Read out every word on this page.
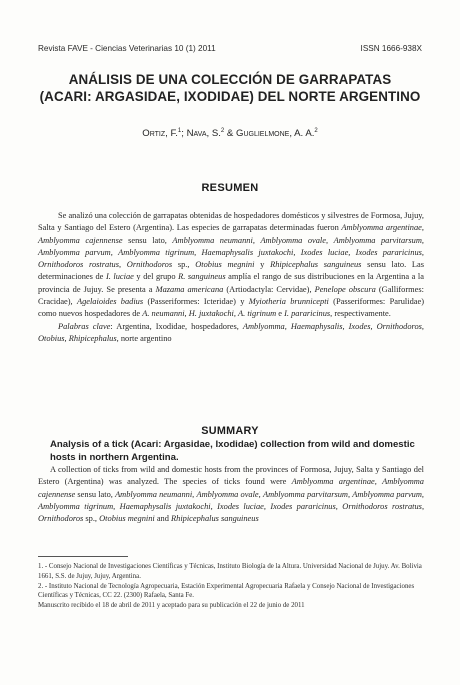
Revista FAVE - Ciencias Veterinarias 10 (1) 2011	ISSN 1666-938X
ANÁLISIS DE UNA COLECCIÓN DE GARRAPATAS
(ACARI: ARGASIDAE, IXODIDAE) DEL NORTE ARGENTINO
Ortiz, F.$^1$; Nava, S.$^2$ & Guglielmone, A. A.$^2$
RESUMEN

Se analizó una colección de garrapatas obtenidas de hospedadores domésticos y silvestres de Formosa, Jujuy, Salta y Santiago del Estero (Argentina). Las especies de garrapatas determinadas fueron Amblyomma argentinae, Amblyomma cajennense sensu lato, Amblyomma neumanni, Amblyomma ovale, Amblyomma parvitarsum, Amblyomma parvum, Amblyomma tigrinum, Haemaphysalis juxtakochi, Ixodes luciae, Ixodes pararicinus, Ornithodoros rostratus, Ornithodoros sp., Otobius megnini y Rhipicephalus sanguineus sensu lato. Las determinaciones de I. luciae y del grupo R. sanguineus amplía el rango de sus distribuciones en la Argentina a la provincia de Jujuy. Se presenta a Mazama americana (Artiodactyla: Cervidae), Penelope obscura (Galliformes: Cracidae), Agelaioides badius (Passeriformes: Icteridae) y Myiotheria brunnicepti (Passeriformes: Parulidae) como nuevos hospedadores de A. neumanni, H. juxtakochi, A. tigrinum e I. pararicinus, respectivamente.

Palabras clave: Argentina, Ixodidae, hospedadores, Amblyomma, Haemaphysalis, Ixodes, Ornithodoros, Otobius, Rhipicephalus, norte argentino

SUMMARY
Analysis of a tick (Acari: Argasidae, Ixodidae) collection from wild and domestic hosts in northern Argentina.

A collection of ticks from wild and domestic hosts from the provinces of Formosa, Jujuy, Salta y Santiago del Estero (Argentina) was analyzed. The species of ticks found were Amblyomma argentinae, Amblyomma cajennense sensu lato, Amblyomma neumanni, Amblyomma ovale, Amblyomma parvitarsum, Amblyomma parvum, Amblyomma tigrinum, Haemaphysalis juxtakochi, Ixodes luciae, Ixodes pararicinus, Ornithodoros rostratus, Ornithodoros sp., Otobius megnini and Rhipicephalus sanguineus

1. - Consejo Nacional de Investigaciones Científicas y Técnicas, Instituto Biología de la Altura. Universidad Nacional de Jujuy. Av. Bolivia 1661, S.S. de Jujuy, Jujuy, Argentina.

2. - Instituto Nacional de Tecnología Agropecuaria, Estación Experimental Agropecuaria Rafaela y Consejo Nacional de Investigaciones Científicas y Técnicas, CC 22. (2300) Rafaela, Santa Fe.

Manuscrito recibido el 18 de abril de 2011 y aceptado para su publicación el 22 de junio de 2011
